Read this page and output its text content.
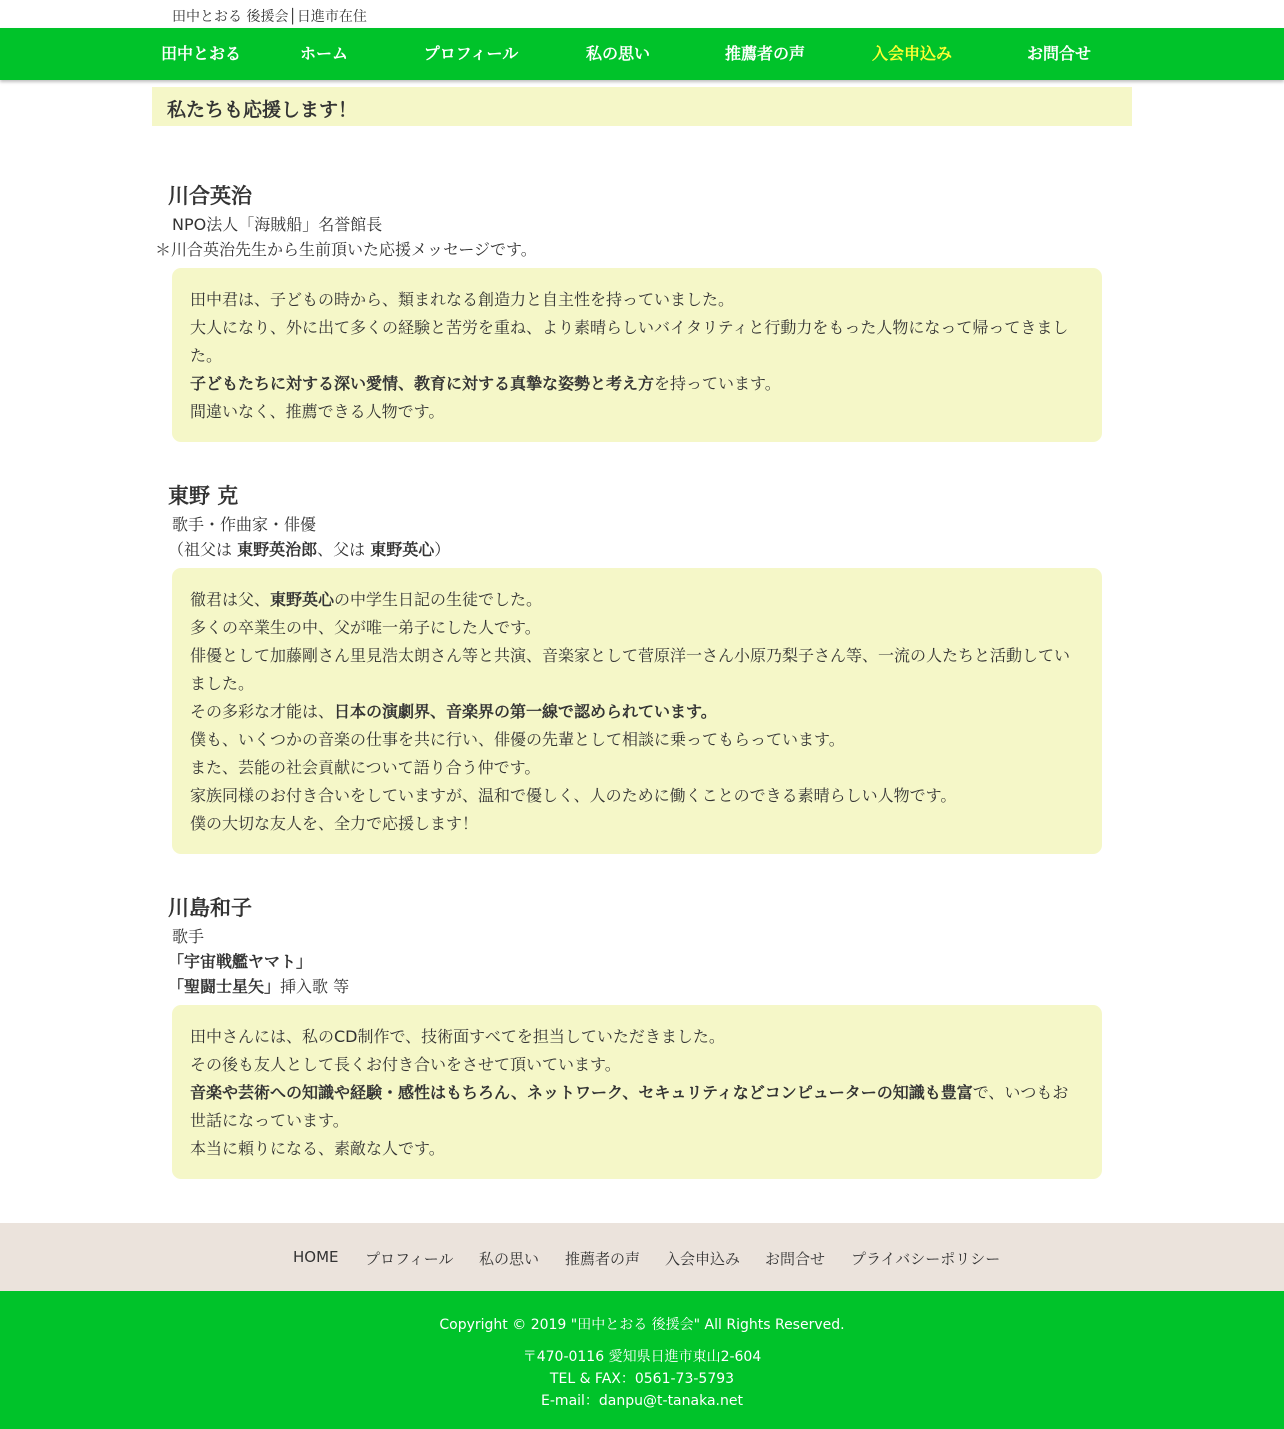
田中とおる 後援会│日進市在住
田中とおる	ホーム	プロフィール	私の思い	推薦者の声	入会申込み	お問合せ
私たちも応援します！
川合英治
NPO法人「海賊船」名誉館長
＊川合英治先生から生前頂いた応援メッセージです。

田中君は、子どもの時から、類まれなる創造力と自主性を持っていました。

大人になり、外に出て多くの経験と苦労を重ね、より素晴らしいバイタリティと行動力をもった人物になって帰ってきました。

子どもたちに対する深い愛情、教育に対する真摯な姿勢と考え方を持っています。

間違いなく、推薦できる人物です。

東野 克
歌手・作曲家・俳優
（祖父は 東野英治郎、父は 東野英心）

徹君は父、東野英心の中学生日記の生徒でした。

多くの卒業生の中、父が唯一弟子にした人です。

俳優として加藤剛さん里見浩太朗さん等と共演、音楽家として菅原洋一さん小原乃梨子さん等、一流の人たちと活動していました。

その多彩な才能は、日本の演劇界、音楽界の第一線で認められています。

僕も、いくつかの音楽の仕事を共に行い、俳優の先輩として相談に乗ってもらっています。

また、芸能の社会貢献について語り合う仲です。

家族同様のお付き合いをしていますが、温和で優しく、人のために働くことのできる素晴らしい人物です。

僕の大切な友人を、全力で応援します！

川島和子
歌手
「宇宙戦艦ヤマト」
「聖闘士星矢」挿入歌 等

田中さんには、私のCD制作で、技術面すべてを担当していただきました。

その後も友人として長くお付き合いをさせて頂いています。

音楽や芸術への知識や経験・感性はもちろん、ネットワーク、セキュリティなどコンピューターの知識も豊富で、いつもお世話になっています。

本当に頼りになる、素敵な人です。

HOME プロフィール 私の思い 推薦者の声 入会申込み お問合せ プライバシーポリシー
Copyright © 2019 "田中とおる 後援会" All Rights Reserved.
〒470-0116 愛知県日進市東山2-604
TEL & FAX：0561-73-5793
E-mail：danpu@t-tanaka.net
